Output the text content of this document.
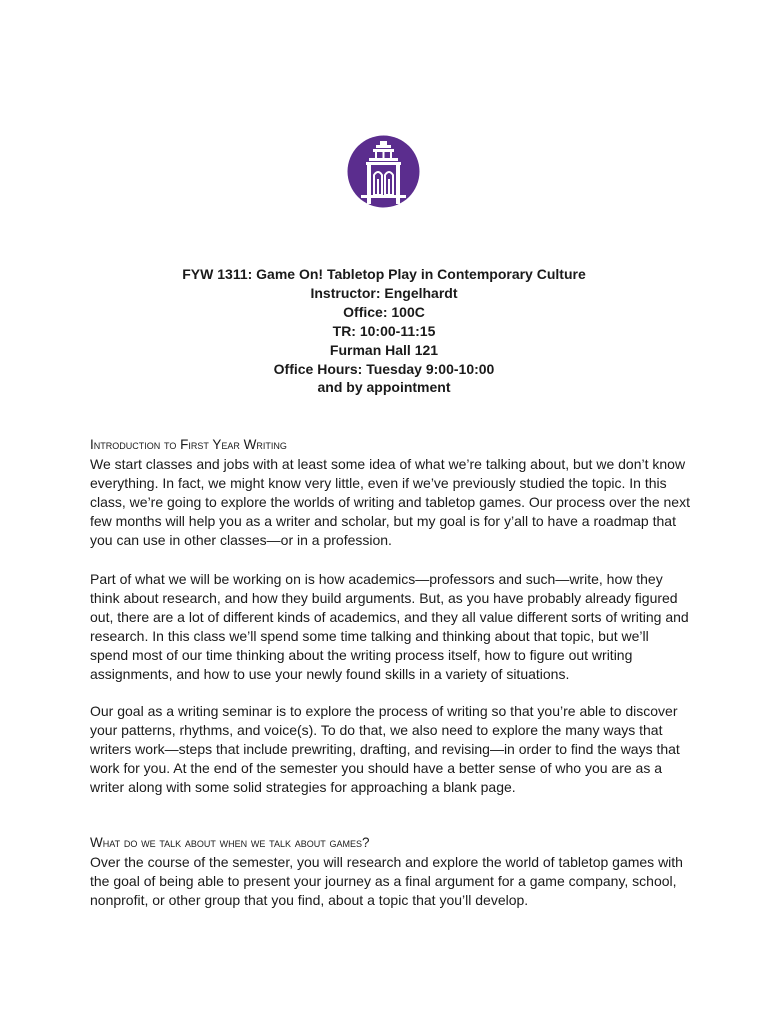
FYW 1311: Game On! Tabletop Play in Contemporary Culture
Instructor: Engelhardt
Office: 100C
TR: 10:00-11:15
Furman Hall 121
Office Hours: Tuesday 9:00-10:00
and by appointment
Introduction to First Year Writing

We start classes and jobs with at least some idea of what we’re talking about, but we don’t know everything. In fact, we might know very little, even if we’ve previously studied the topic. In this class, we’re going to explore the worlds of writing and tabletop games. Our process over the next few months will help you as a writer and scholar, but my goal is for y’all to have a roadmap that you can use in other classes—or in a profession.

Part of what we will be working on is how academics—professors and such—write, how they think about research, and how they build arguments. But, as you have probably already figured out, there are a lot of different kinds of academics, and they all value different sorts of writing and research. In this class we’ll spend some time talking and thinking about that topic, but we’ll spend most of our time thinking about the writing process itself, how to figure out writing assignments, and how to use your newly found skills in a variety of situations.

Our goal as a writing seminar is to explore the process of writing so that you’re able to discover your patterns, rhythms, and voice(s). To do that, we also need to explore the many ways that writers work—steps that include prewriting, drafting, and revising—in order to find the ways that work for you. At the end of the semester you should have a better sense of who you are as a writer along with some solid strategies for approaching a blank page.

What do we talk about when we talk about games?

Over the course of the semester, you will research and explore the world of tabletop games with the goal of being able to present your journey as a final argument for a game company, school, nonprofit, or other group that you find, about a topic that you’ll develop.
